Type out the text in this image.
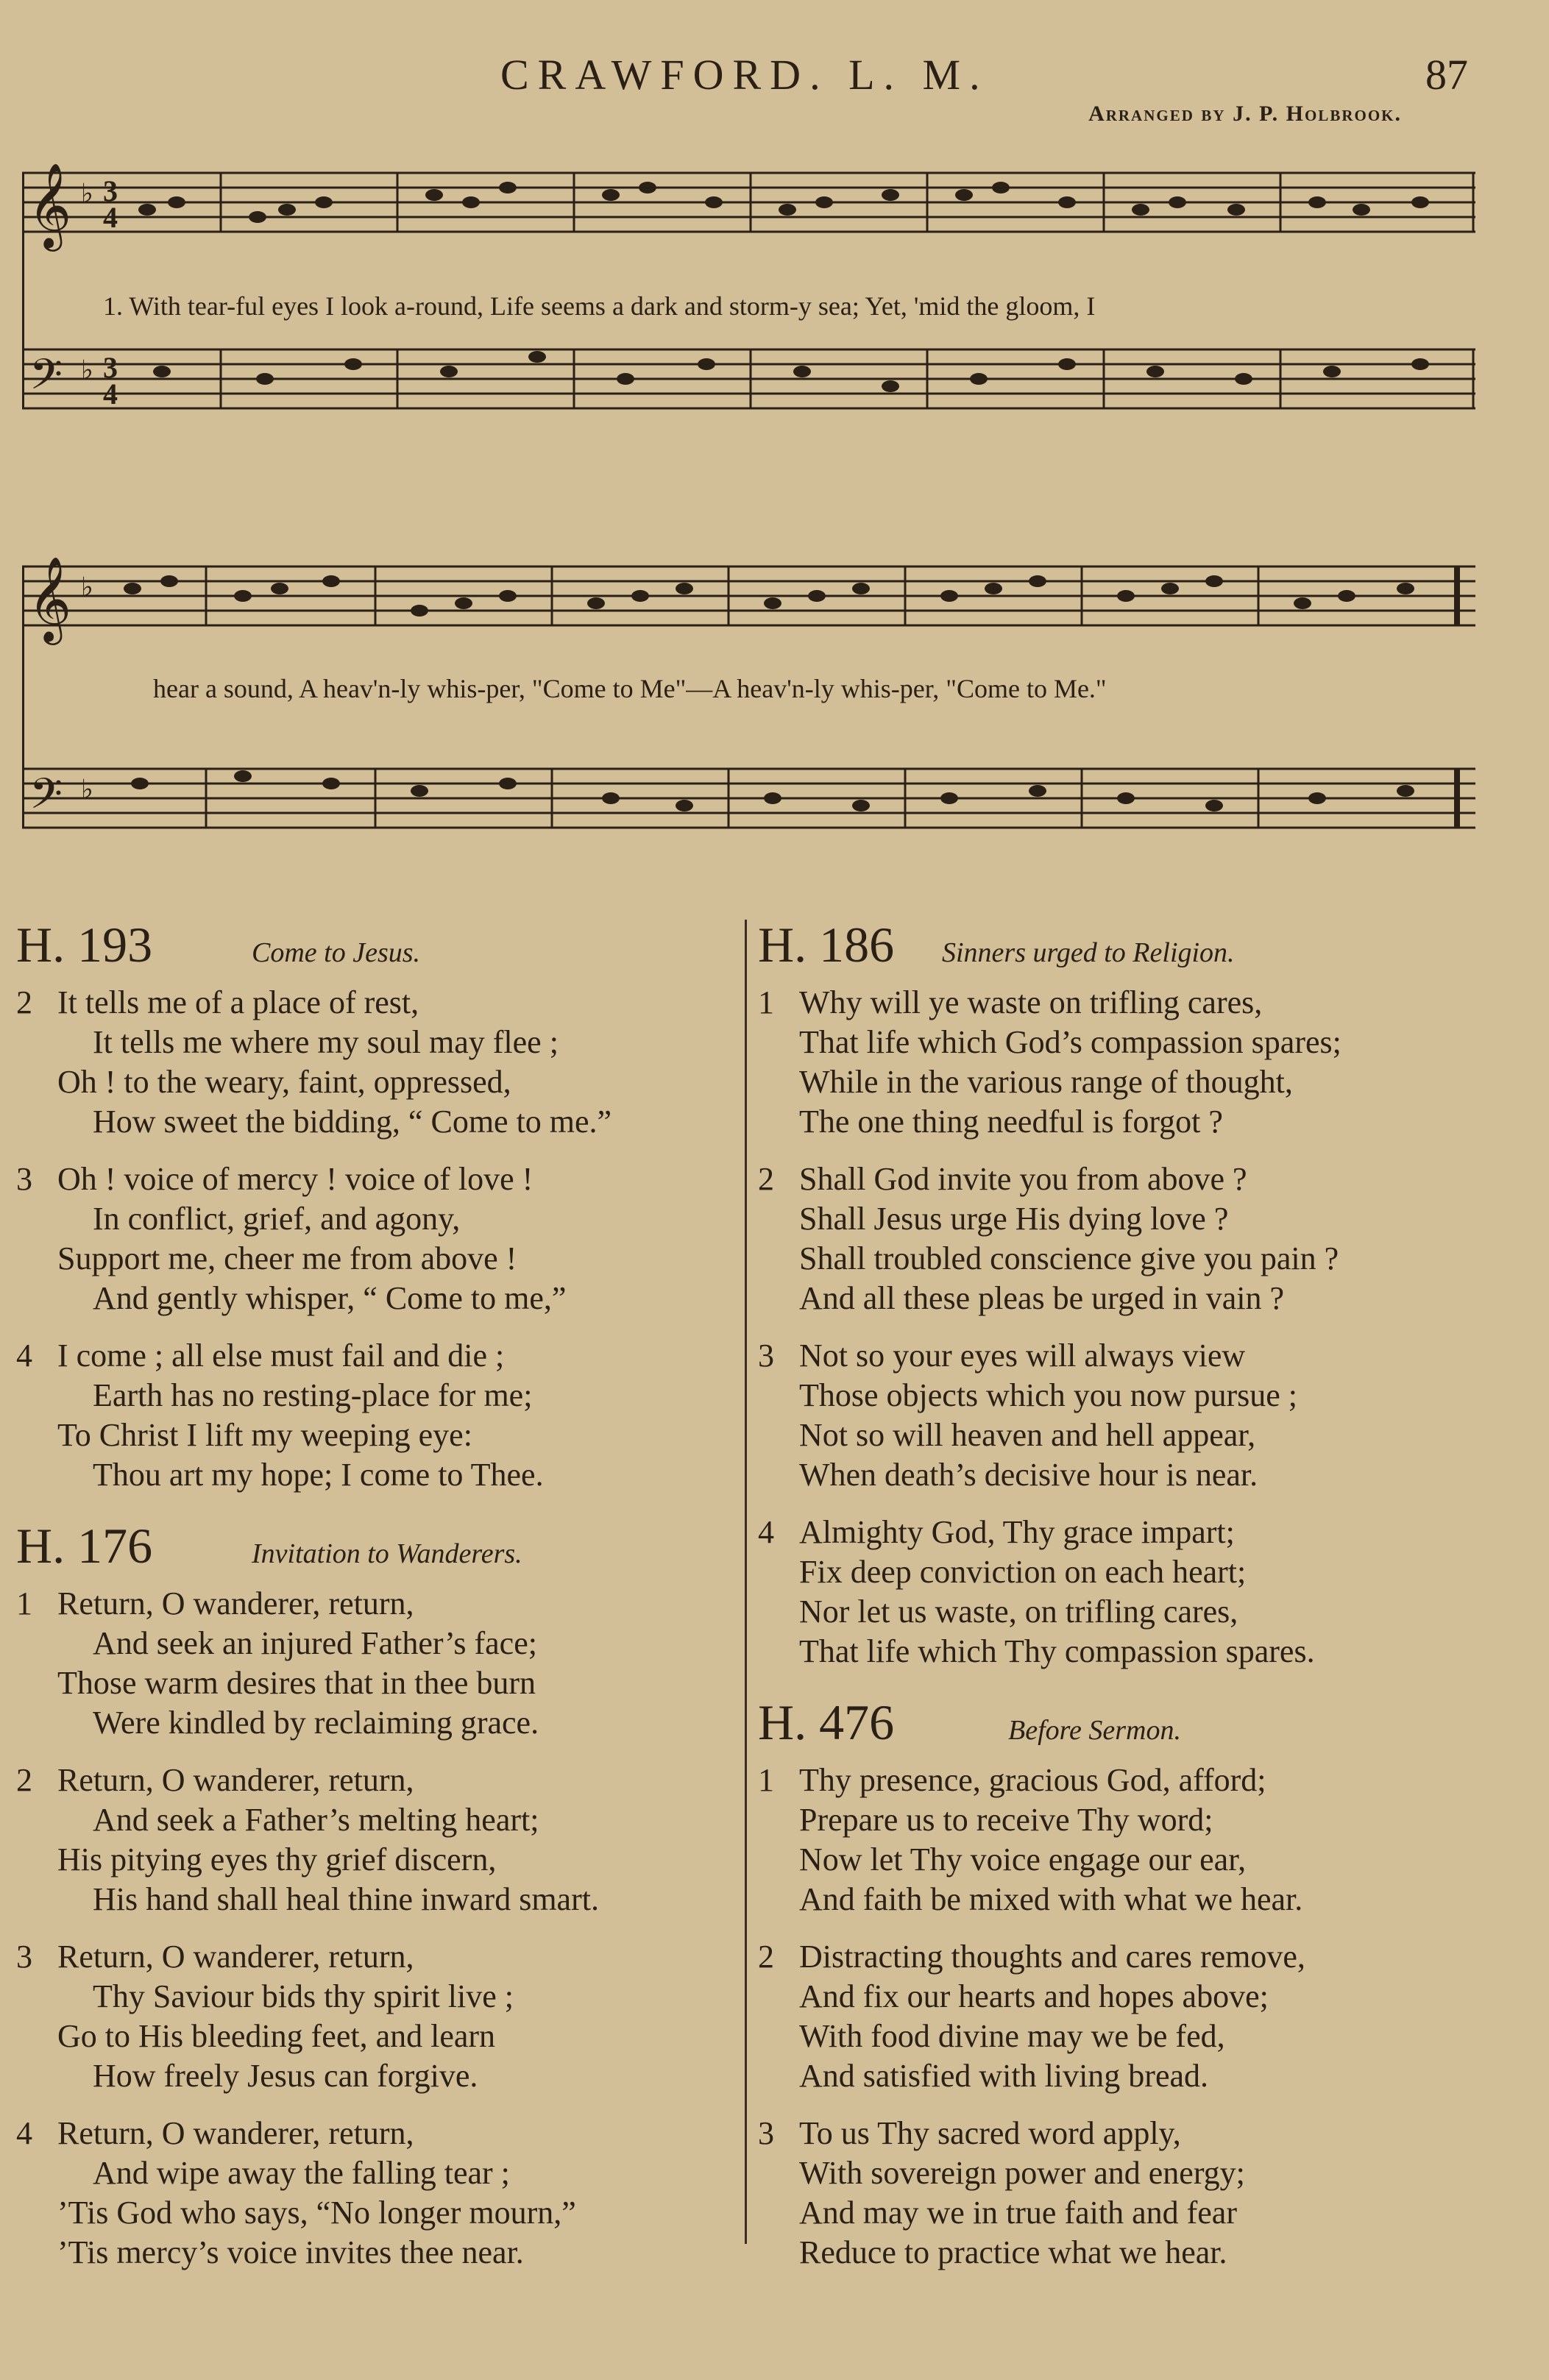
CRAWFORD. L. M.	87
Arranged by J. P. Holbrook.
𝄞
𝄢
♭
♭
3
4
3
4
1. With tear-ful eyes I look a-round, Life seems a dark and storm-y sea; Yet, 'mid the gloom, I
𝄞
𝄢
♭
♭
hear a sound, A heav'n-ly whis-per, "Come to Me"—A heav'n-ly whis-per, "Come to Me."
H. 193	Come to Jesus.
2 It tells me of a place of rest,
It tells me where my soul may flee ;
Oh ! to the weary, faint, oppressed,
How sweet the bidding, “ Come to me.”
3 Oh ! voice of mercy ! voice of love !
In conflict, grief, and agony,
Support me, cheer me from above !
And gently whisper, “ Come to me,”
4 I come ; all else must fail and die ;
Earth has no resting-place for me;
To Christ I lift my weeping eye:
Thou art my hope; I come to Thee.
H. 176	Invitation to Wanderers.
1 Return, O wanderer, return,
And seek an injured Father’s face;
Those warm desires that in thee burn
Were kindled by reclaiming grace.
2 Return, O wanderer, return,
And seek a Father’s melting heart;
His pitying eyes thy grief discern,
His hand shall heal thine inward smart.
3 Return, O wanderer, return,
Thy Saviour bids thy spirit live ;
Go to His bleeding feet, and learn
How freely Jesus can forgive.
4 Return, O wanderer, return,
And wipe away the falling tear ;
’Tis God who says, “No longer mourn,”
’Tis mercy’s voice invites thee near.
H. 186	Sinners urged to Religion.
1 Why will ye waste on trifling cares,
That life which God’s compassion spares;
While in the various range of thought,
The one thing needful is forgot ?
2 Shall God invite you from above ?
Shall Jesus urge His dying love ?
Shall troubled conscience give you pain ?
And all these pleas be urged in vain ?
3 Not so your eyes will always view
Those objects which you now pursue ;
Not so will heaven and hell appear,
When death’s decisive hour is near.
4 Almighty God, Thy grace impart;
Fix deep conviction on each heart;
Nor let us waste, on trifling cares,
That life which Thy compassion spares.
H. 476	Before Sermon.
1 Thy presence, gracious God, afford;
Prepare us to receive Thy word;
Now let Thy voice engage our ear,
And faith be mixed with what we hear.
2 Distracting thoughts and cares remove,
And fix our hearts and hopes above;
With food divine may we be fed,
And satisfied with living bread.
3 To us Thy sacred word apply,
With sovereign power and energy;
And may we in true faith and fear
Reduce to practice what we hear.
